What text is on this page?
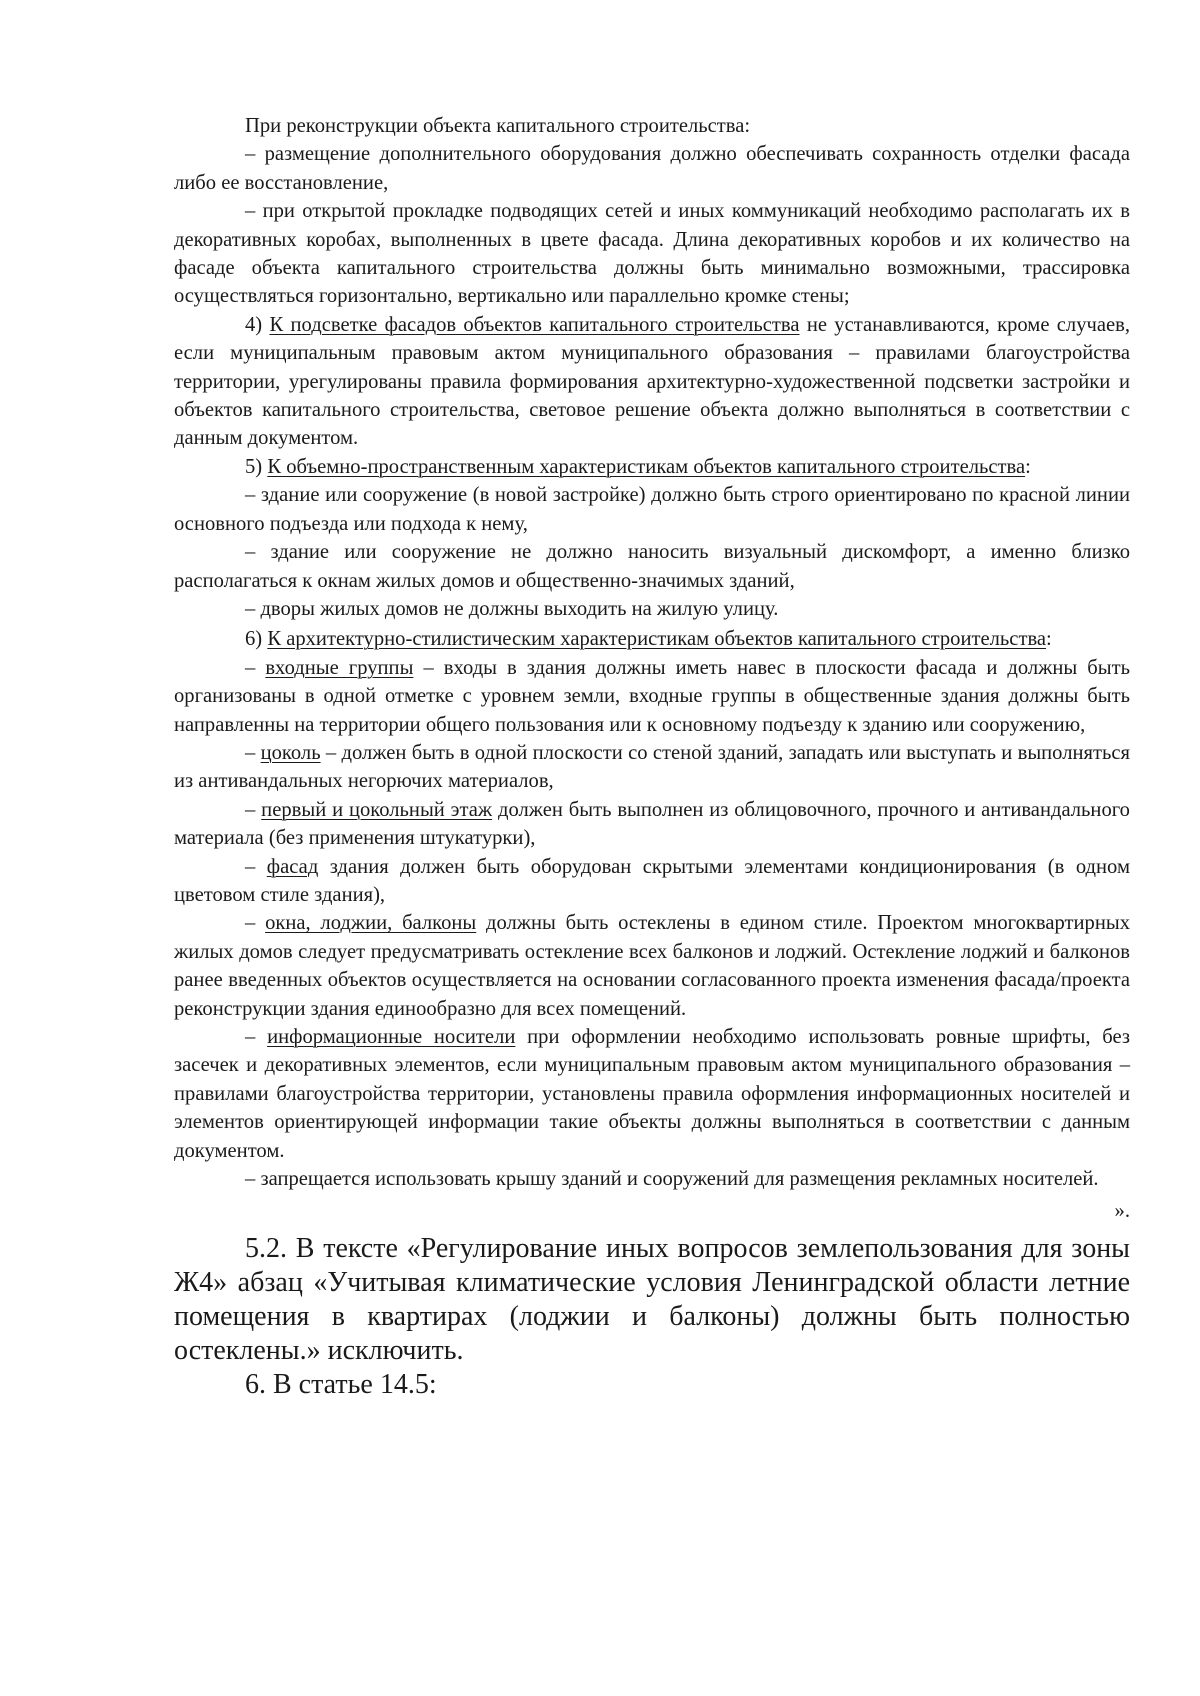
При реконструкции объекта капитального строительства:

– размещение дополнительного оборудования должно обеспечивать сохранность отделки фасада либо ее восстановление,

– при открытой прокладке подводящих сетей и иных коммуникаций необходимо располагать их в декоративных коробах, выполненных в цвете фасада. Длина декоративных коробов и их количество на фасаде объекта капитального строительства должны быть минимально возможными, трассировка осуществляться горизонтально, вертикально или параллельно кромке стены;

4) К подсветке фасадов объектов капитального строительства не устанавливаются, кроме случаев, если муниципальным правовым актом муниципального образования – правилами благоустройства территории, урегулированы правила формирования архитектурно-художественной подсветки застройки и объектов капитального строительства, световое решение объекта должно выполняться в соответствии с данным документом.

5) К объемно-пространственным характеристикам объектов капитального строительства:

– здание или сооружение (в новой застройке) должно быть строго ориентировано по красной линии основного подъезда или подхода к нему,

– здание или сооружение не должно наносить визуальный дискомфорт, а именно близко располагаться к окнам жилых домов и общественно-значимых зданий,

– дворы жилых домов не должны выходить на жилую улицу.

6) К архитектурно-стилистическим характеристикам объектов капитального строительства:

– входные группы – входы в здания должны иметь навес в плоскости фасада и должны быть организованы в одной отметке с уровнем земли, входные группы в общественные здания должны быть направленны на территории общего пользования или к основному подъезду к зданию или сооружению,

– цоколь – должен быть в одной плоскости со стеной зданий, западать или выступать и выполняться из антивандальных негорючих материалов,

– первый и цокольный этаж должен быть выполнен из облицовочного, прочного и антивандального материала (без применения штукатурки),

– фасад здания должен быть оборудован скрытыми элементами кондиционирования (в одном цветовом стиле здания),

– окна, лоджии, балконы должны быть остеклены в едином стиле. Проектом многоквартирных жилых домов следует предусматривать остекление всех балконов и лоджий. Остекление лоджий и балконов ранее введенных объектов осуществляется на основании согласованного проекта изменения фасада/проекта реконструкции здания единообразно для всех помещений.

– информационные носители при оформлении необходимо использовать ровные шрифты, без засечек и декоративных элементов, если муниципальным правовым актом муниципального образования – правилами благоустройства территории, установлены правила оформления информационных носителей и элементов ориентирующей информации такие объекты должны выполняться в соответствии с данным документом.

– запрещается использовать крышу зданий и сооружений для размещения рекламных носителей.

».

5.2. В тексте «Регулирование иных вопросов землепользования для зоны Ж4» абзац «Учитывая климатические условия Ленинградской области летние помещения в квартирах (лоджии и балконы) должны быть полностью остеклены.» исключить.

6. В статье 14.5:
